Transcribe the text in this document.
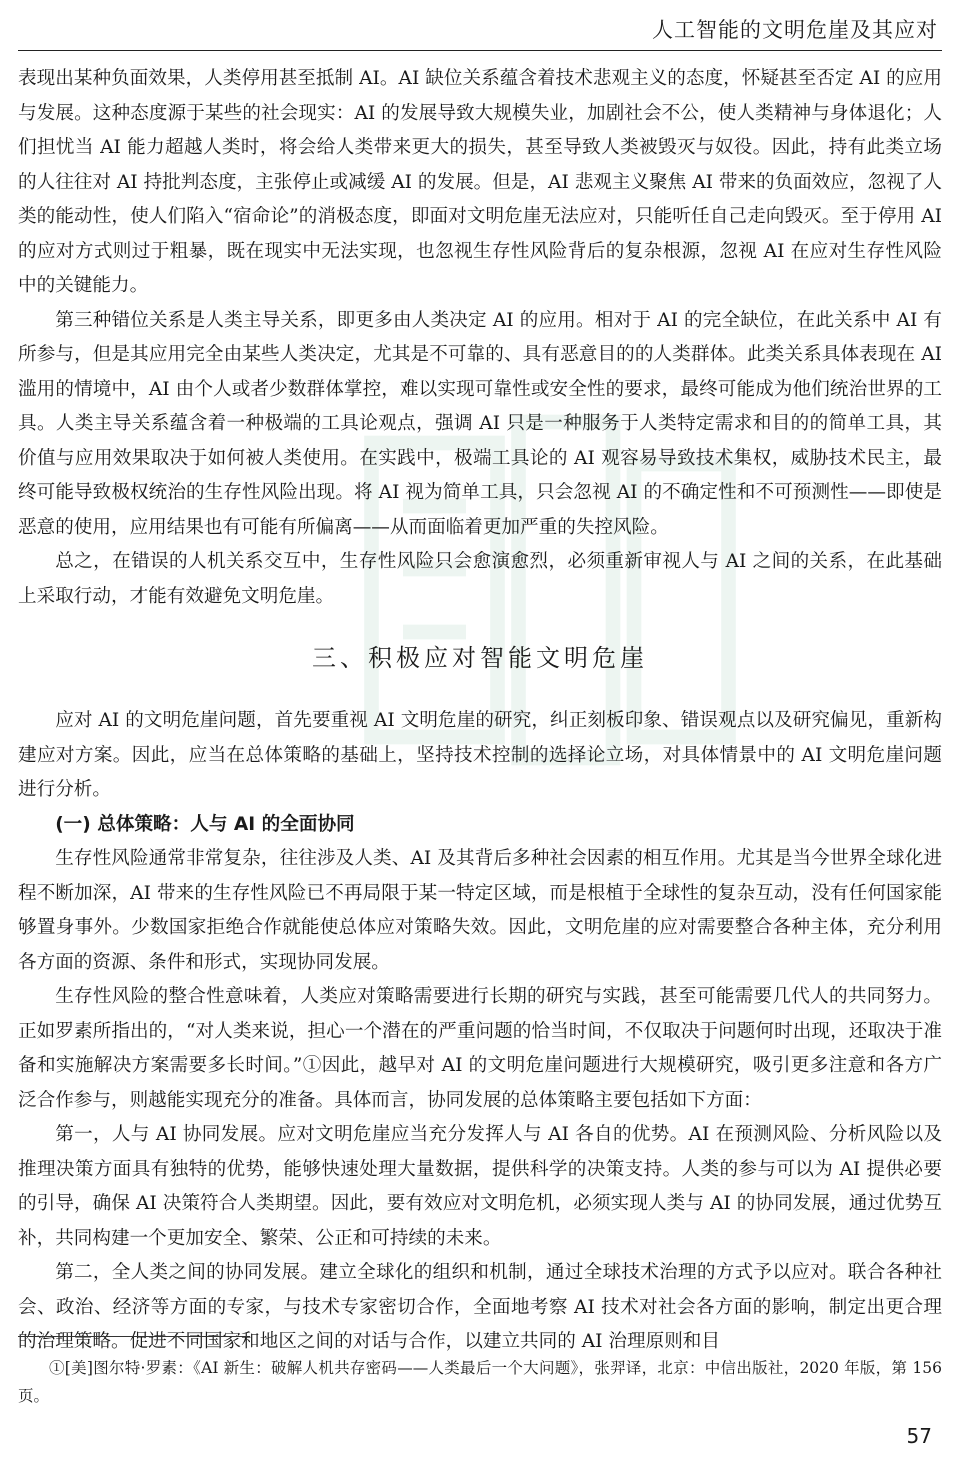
人工智能的文明危崖及其应对

表现出某种负面效果，人类停用甚至抵制 AI。AI 缺位关系蕴含着技术悲观主义的态度，怀疑甚至否定 AI 的应用与发展。这种态度源于某些的社会现实：AI 的发展导致大规模失业，加剧社会不公，使人类精神与身体退化；人们担忧当 AI 能力超越人类时，将会给人类带来更大的损失，甚至导致人类被毁灭与奴役。因此，持有此类立场的人往往对 AI 持批判态度，主张停止或减缓 AI 的发展。但是，AI 悲观主义聚焦 AI 带来的负面效应，忽视了人类的能动性，使人们陷入“宿命论”的消极态度，即面对文明危崖无法应对，只能听任自己走向毁灭。至于停用 AI 的应对方式则过于粗暴，既在现实中无法实现，也忽视生存性风险背后的复杂根源，忽视 AI 在应对生存性风险中的关键能力。

第三种错位关系是人类主导关系，即更多由人类决定 AI 的应用。相对于 AI 的完全缺位，在此关系中 AI 有所参与，但是其应用完全由某些人类决定，尤其是不可靠的、具有恶意目的的人类群体。此类关系具体表现在 AI 滥用的情境中，AI 由个人或者少数群体掌控，难以实现可靠性或安全性的要求，最终可能成为他们统治世界的工具。人类主导关系蕴含着一种极端的工具论观点，强调 AI 只是一种服务于人类特定需求和目的的简单工具，其价值与应用效果取决于如何被人类使用。在实践中，极端工具论的 AI 观容易导致技术集权，威胁技术民主，最终可能导致极权统治的生存性风险出现。将 AI 视为简单工具，只会忽视 AI 的不确定性和不可预测性——即使是恶意的使用，应用结果也有可能有所偏离——从而面临着更加严重的失控风险。

总之，在错误的人机关系交互中，生存性风险只会愈演愈烈，必须重新审视人与 AI 之间的关系，在此基础上采取行动，才能有效避免文明危崖。

三、积极应对智能文明危崖

应对 AI 的文明危崖问题，首先要重视 AI 文明危崖的研究，纠正刻板印象、错误观点以及研究偏见，重新构建应对方案。因此，应当在总体策略的基础上，坚持技术控制的选择论立场，对具体情景中的 AI 文明危崖问题进行分析。

(一) 总体策略：人与 AI 的全面协同

生存性风险通常非常复杂，往往涉及人类、AI 及其背后多种社会因素的相互作用。尤其是当今世界全球化进程不断加深，AI 带来的生存性风险已不再局限于某一特定区域，而是根植于全球性的复杂互动，没有任何国家能够置身事外。少数国家拒绝合作就能使总体应对策略失效。因此，文明危崖的应对需要整合各种主体，充分利用各方面的资源、条件和形式，实现协同发展。

生存性风险的整合性意味着，人类应对策略需要进行长期的研究与实践，甚至可能需要几代人的共同努力。正如罗素所指出的，“对人类来说，担心一个潜在的严重问题的恰当时间，不仅取决于问题何时出现，还取决于准备和实施解决方案需要多长时间。”①因此，越早对 AI 的文明危崖问题进行大规模研究，吸引更多注意和各方广泛合作参与，则越能实现充分的准备。具体而言，协同发展的总体策略主要包括如下方面：

第一，人与 AI 协同发展。应对文明危崖应当充分发挥人与 AI 各自的优势。AI 在预测风险、分析风险以及推理决策方面具有独特的优势，能够快速处理大量数据，提供科学的决策支持。人类的参与可以为 AI 提供必要的引导，确保 AI 决策符合人类期望。因此，要有效应对文明危机，必须实现人类与 AI 的协同发展，通过优势互补，共同构建一个更加安全、繁荣、公正和可持续的未来。

第二，全人类之间的协同发展。建立全球化的组织和机制，通过全球技术治理的方式予以应对。联合各种社会、政治、经济等方面的专家，与技术专家密切合作，全面地考察 AI 技术对社会各方面的影响，制定出更合理的治理策略。促进不同国家和地区之间的对话与合作，以建立共同的 AI 治理原则和目

①[美]图尔特·罗素：《AI 新生：破解人机共存密码——人类最后一个大问题》，张羿译，北京：中信出版社，2020 年版，第 156 页。

57
